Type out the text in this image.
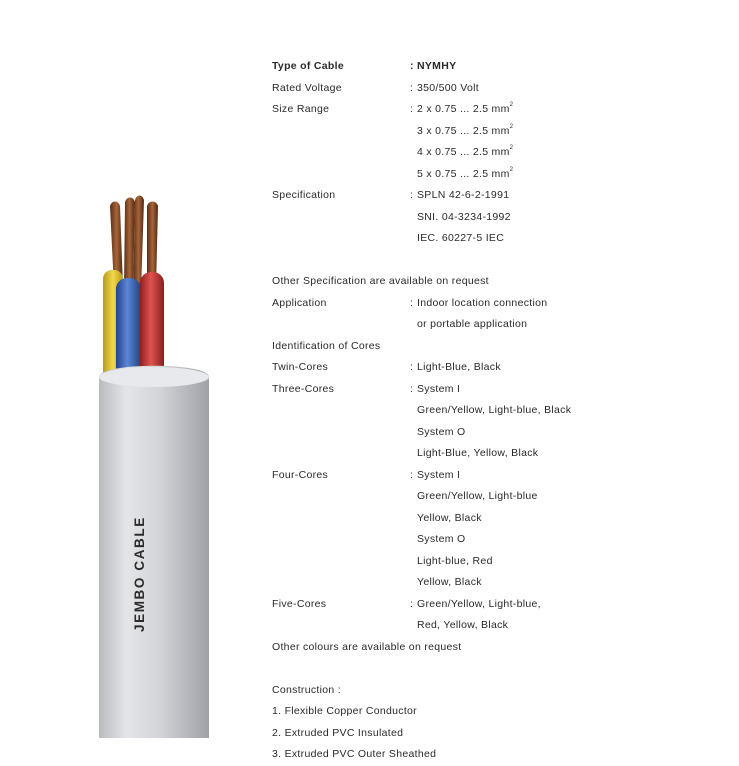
JEMBO CABLE
Type of Cable	: NYMHY
Rated Voltage	: 350/500 Volt
Size Range	: 2 x 0.75 ... 2.5 $mm^2$
3 x 0.75 ... 2.5 $mm^2$
4 x 0.75 ... 2.5 $mm^2$
5 x 0.75 ... 2.5 $mm^2$
Specification	: SPLN 42-6-2-1991
SNI. 04-3234-1992
IEC. 60227-5 IEC
Other Specification are available on request
Application	: Indoor location connection
or portable application
Identification of Cores
Twin-Cores	: Light-Blue, Black
Three-Cores	: System I
Green/Yellow, Light-blue, Black
System O
Light-Blue, Yellow, Black
Four-Cores	: System I
Green/Yellow, Light-blue
Yellow, Black
System O
Light-blue, Red
Yellow, Black
Five-Cores	: Green/Yellow, Light-blue,
Red, Yellow, Black
Other colours are available on request
Construction :
1. Flexible Copper Conductor
2. Extruded PVC Insulated
3. Extruded PVC Outer Sheathed
